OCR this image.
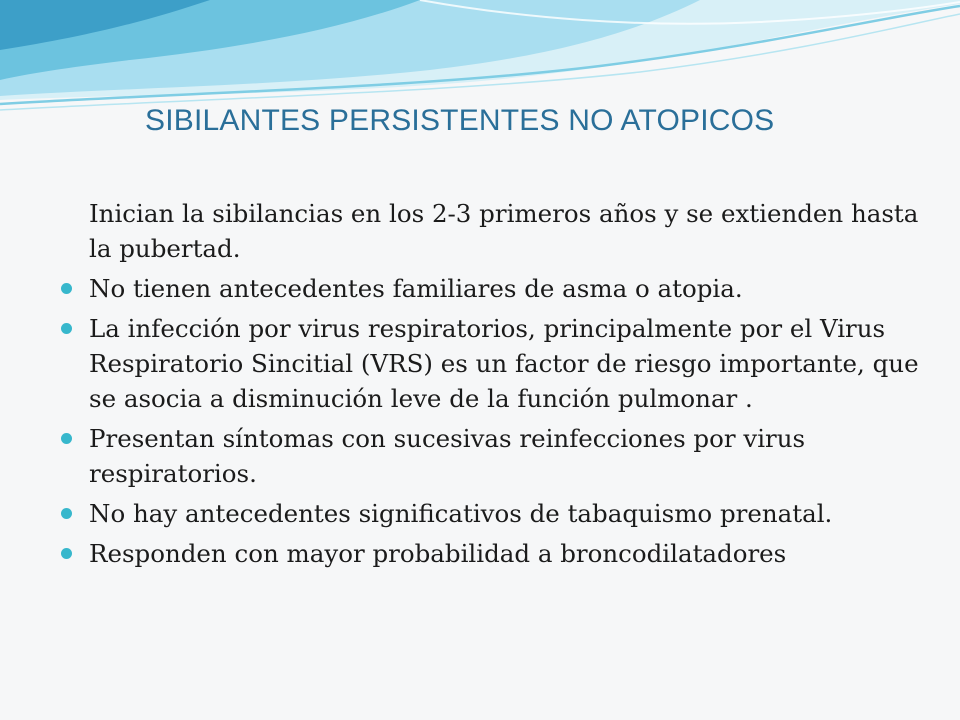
SIBILANTES PERSISTENTES NO ATOPICOS
Inician la sibilancias en los 2-3 primeros años y se extienden hasta la pubertad.
No tienen antecedentes familiares de asma o atopia.
La infección por virus respiratorios, principalmente por el Virus Respiratorio Sincitial (VRS) es un factor de riesgo importante, que se asocia a disminución leve de la función pulmonar .
Presentan síntomas con sucesivas reinfecciones por virus respiratorios.
No hay antecedentes significativos de tabaquismo prenatal.
Responden con mayor probabilidad a broncodilatadores
